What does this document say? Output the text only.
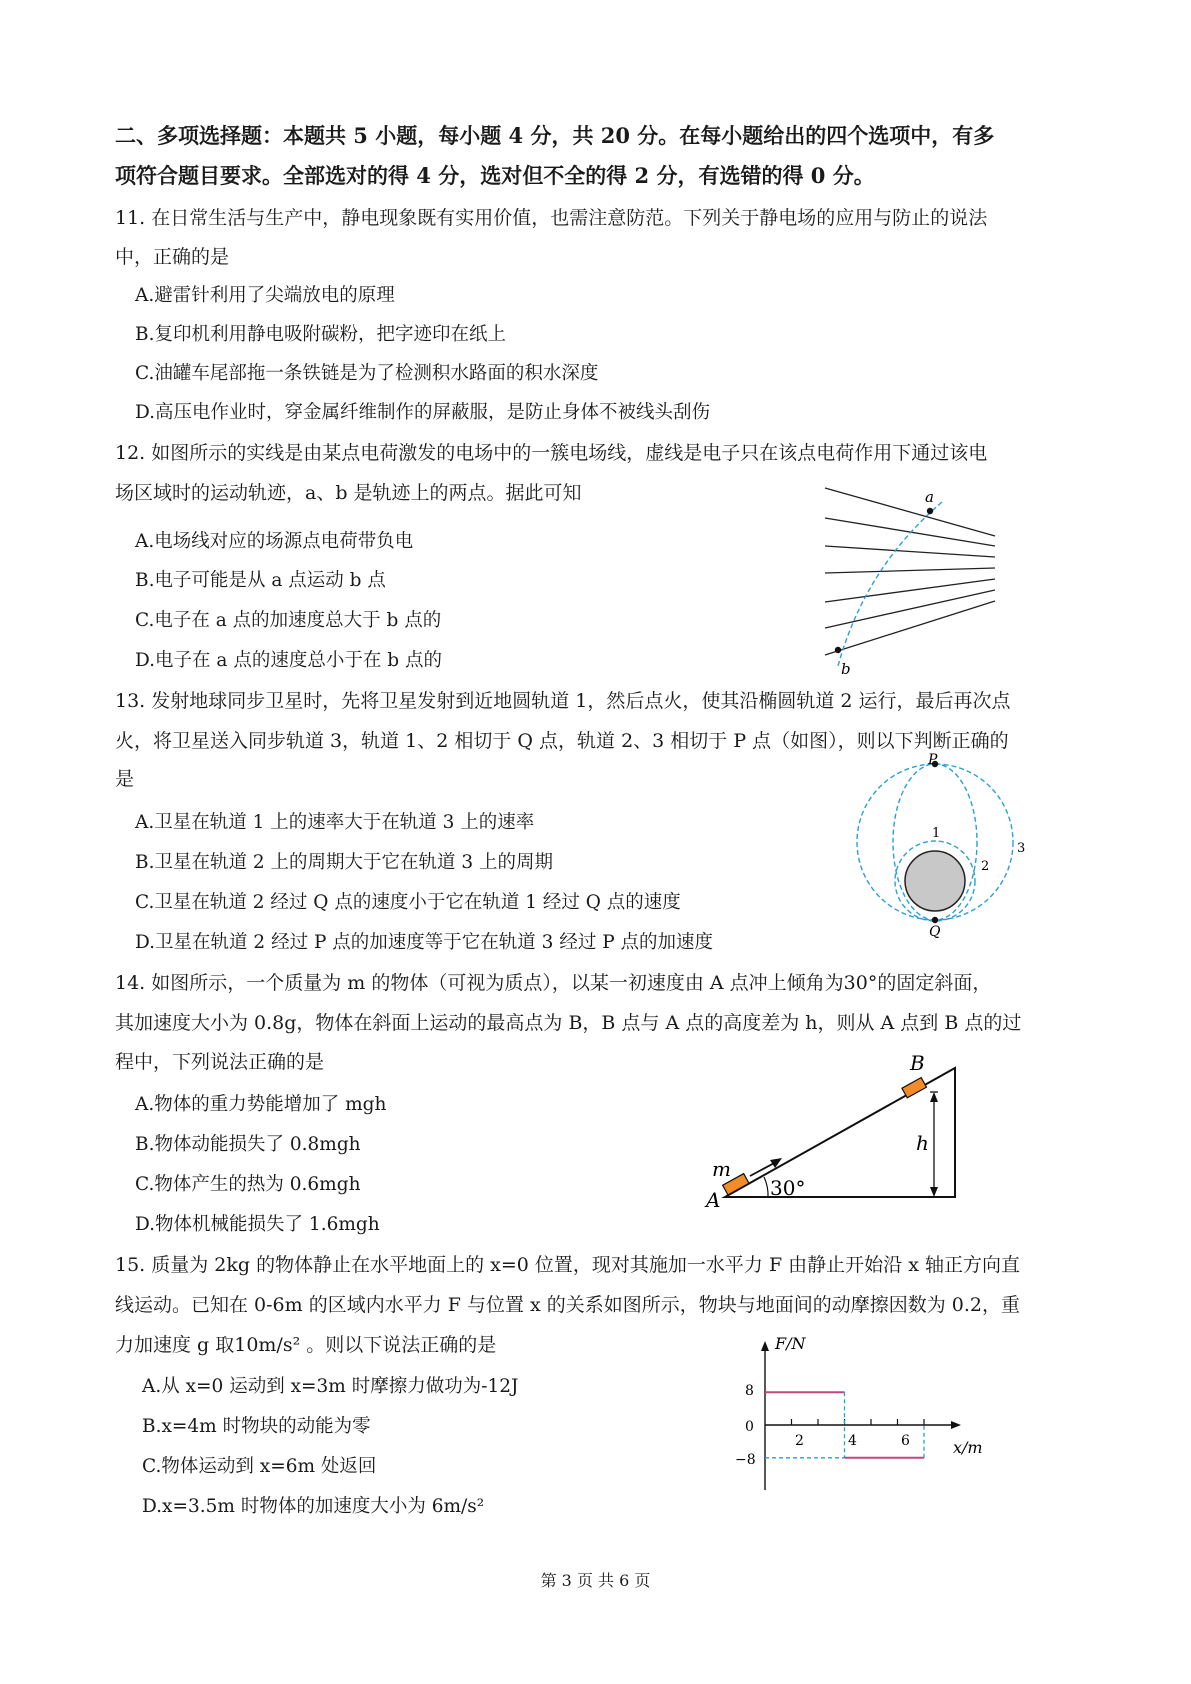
二、多项选择题：本题共 5 小题，每小题 4 分，共 20 分。在每小题给出的四个选项中，有多
项符合题目要求。全部选对的得 4 分，选对但不全的得 2 分，有选错的得 0 分。
11. 在日常生活与生产中，静电现象既有实用价值，也需注意防范。下列关于静电场的应用与防止的说法
中，正确的是
A.避雷针利用了尖端放电的原理
B.复印机利用静电吸附碳粉，把字迹印在纸上
C.油罐车尾部拖一条铁链是为了检测积水路面的积水深度
D.高压电作业时，穿金属纤维制作的屏蔽服，是防止身体不被线头刮伤
12. 如图所示的实线是由某点电荷激发的电场中的一簇电场线，虚线是电子只在该点电荷作用下通过该电
场区域时的运动轨迹，a、b 是轨迹上的两点。据此可知
A.电场线对应的场源点电荷带负电
B.电子可能是从 a 点运动 b 点
C.电子在 a 点的加速度总大于 b 点的
D.电子在 a 点的速度总小于在 b 点的
a
b
13. 发射地球同步卫星时，先将卫星发射到近地圆轨道 1，然后点火，使其沿椭圆轨道 2 运行，最后再次点
火，将卫星送入同步轨道 3，轨道 1、2 相切于 Q 点，轨道 2、3 相切于 P 点（如图），则以下判断正确的
是
A.卫星在轨道 1 上的速率大于在轨道 3 上的速率
B.卫星在轨道 2 上的周期大于它在轨道 3 上的周期
C.卫星在轨道 2 经过 Q 点的速度小于它在轨道 1 经过 Q 点的速度
D.卫星在轨道 2 经过 P 点的加速度等于它在轨道 3 经过 P 点的加速度
P
Q
1
2
3
14. 如图所示，一个质量为 m 的物体（可视为质点），以某一初速度由 A 点冲上倾角为30°的固定斜面，
其加速度大小为 0.8g，物体在斜面上运动的最高点为 B，B 点与 A 点的高度差为 h，则从 A 点到 B 点的过
程中，下列说法正确的是
A.物体的重力势能增加了 mgh
B.物体动能损失了 0.8mgh
C.物体产生的热为 0.6mgh
D.物体机械能损失了 1.6mgh
A
B
m
h
30°
15. 质量为 2kg 的物体静止在水平地面上的 x=0 位置，现对其施加一水平力 F 由静止开始沿 x 轴正方向直
线运动。已知在 0-6m 的区域内水平力 F 与位置 x 的关系如图所示，物块与地面间的动摩擦因数为 0.2，重
力加速度 g 取10m/s² 。则以下说法正确的是
A.从 x=0 运动到 x=3m 时摩擦力做功为-12J
B.x=4m 时物块的动能为零
C.物体运动到 x=6m 处返回
D.x=3.5m 时物体的加速度大小为 6m/s²
F/N
x/m
8
0
−8
2	4	6
第 3 页 共 6 页
